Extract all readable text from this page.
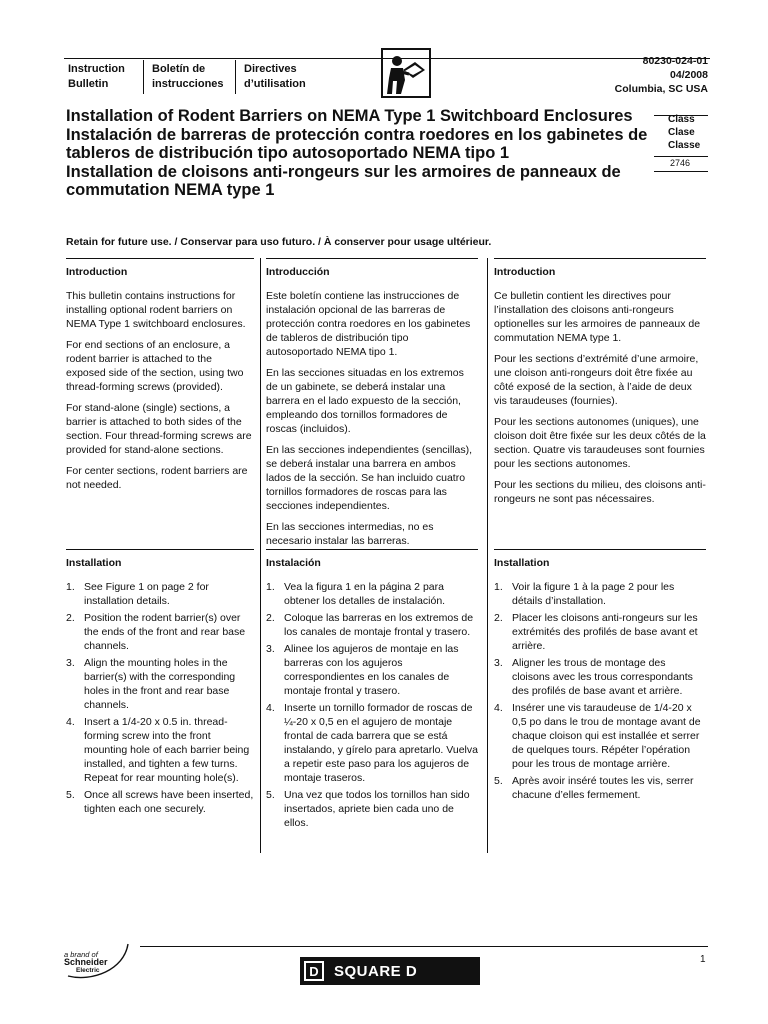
Instruction
Bulletin
Boletín de
instrucciones
Directives
d’utilisation
80230-024-01
04/2008
Columbia, SC USA
Installation of Rodent Barriers on NEMA Type 1 Switchboard Enclosures
Instalación de barreras de protección contra roedores en los gabinetes de tableros de distribución tipo autosoportado NEMA tipo 1
Installation de cloisons anti-rongeurs sur les armoires de panneaux de commutation NEMA type 1
Class
Clase
Classe
2746
Retain for future use. / Conservar para uso futuro. / À conserver pour usage ultérieur.
Introduction

This bulletin contains instructions for installing optional rodent barriers on NEMA Type 1 switchboard enclosures.

For end sections of an enclosure, a rodent barrier is attached to the exposed side of the section, using two thread-forming screws (provided).

For stand-alone (single) sections, a barrier is attached to both sides of the section. Four thread-forming screws are provided for stand-alone sections.

For center sections, rodent barriers are not needed.

Installation
1. See Figure 1 on page 2 for installation details.
2. Position the rodent barrier(s) over the ends of the front and rear base channels.
3. Align the mounting holes in the barrier(s) with the corresponding holes in the front and rear base channels.
4. Insert a 1/4-20 x 0.5 in. thread-forming screw into the front mounting hole of each barrier being installed, and tighten a few turns. Repeat for rear mounting hole(s).
5. Once all screws have been inserted, tighten each one securely.
Introducción

Este boletín contiene las instrucciones de instalación opcional de las barreras de protección contra roedores en los gabinetes de tableros de distribución tipo autosoportado NEMA tipo 1.

En las secciones situadas en los extremos de un gabinete, se deberá instalar una barrera en el lado expuesto de la sección, empleando dos tornillos formadores de roscas (incluidos).

En las secciones independientes (sencillas), se deberá instalar una barrera en ambos lados de la sección. Se han incluido cuatro tornillos formadores de roscas para las secciones independientes.

En las secciones intermedias, no es necesario instalar las barreras.

Instalación
1. Vea la figura 1 en la página 2 para obtener los detalles de instalación.
2. Coloque las barreras en los extremos de los canales de montaje frontal y trasero.
3. Alinee los agujeros de montaje en las barreras con los agujeros correspondientes en los canales de montaje frontal y trasero.
4. Inserte un tornillo formador de roscas de ¼-20 x 0,5 en el agujero de montaje frontal de cada barrera que se está instalando, y gírelo para apretarlo. Vuelva a repetir este paso para los agujeros de montaje traseros.
5. Una vez que todos los tornillos han sido insertados, apriete bien cada uno de ellos.
Introduction

Ce bulletin contient les directives pour l’installation des cloisons anti-rongeurs optionelles sur les armoires de panneaux de commutation NEMA type 1.

Pour les sections d’extrémité d’une armoire, une cloison anti-rongeurs doit être fixée au côté exposé de la section, à l’aide de deux vis taraudeuses (fournies).

Pour les sections autonomes (uniques), une cloison doit être fixée sur les deux côtés de la section. Quatre vis taraudeuses sont fournies pour les sections autonomes.

Pour les sections du milieu, des cloisons anti-rongeurs ne sont pas nécessaires.

Installation
1. Voir la figure 1 à la page 2 pour les détails d’installation.
2. Placer les cloisons anti-rongeurs sur les extrémités des profilés de base avant et arrière.
3. Aligner les trous de montage des cloisons avec les trous correspondants des profilés de base avant et arrière.
4. Insérer une vis taraudeuse de 1/4-20 x 0,5 po dans le trou de montage avant de chaque cloison qui est installée et serrer de quelques tours. Répéter l’opération pour les trous de montage arrière.
5. Après avoir inséré toutes les vis, serrer chacune d’elles fermement.
a brand of
Schneider
Electric
1
D	SQUARE D
